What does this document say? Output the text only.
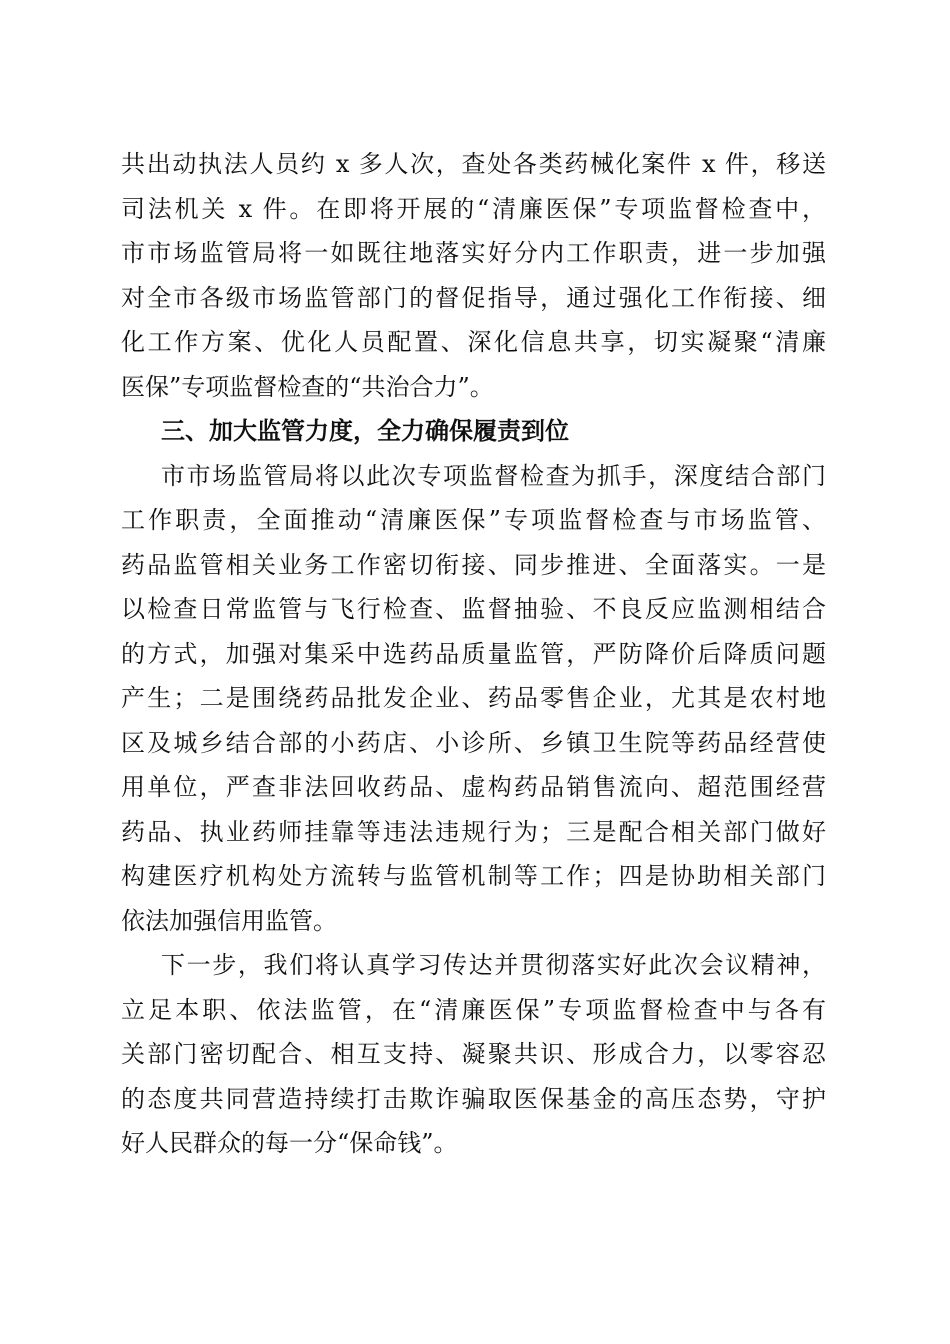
共出动执法人员约 x 多人次，查处各类药械化案件 x 件，移送
司法机关 x 件。在即将开展的“清廉医保”专项监督检查中，
市市场监管局将一如既往地落实好分内工作职责，进一步加强
对全市各级市场监管部门的督促指导，通过强化工作衔接、细
化工作方案、优化人员配置、深化信息共享，切实凝聚“清廉
医保”专项监督检查的“共治合力”。
三、加大监管力度，全力确保履责到位
市市场监管局将以此次专项监督检查为抓手，深度结合部门
工作职责，全面推动“清廉医保”专项监督检查与市场监管、
药品监管相关业务工作密切衔接、同步推进、全面落实。一是
以检查日常监管与飞行检查、监督抽验、不良反应监测相结合
的方式，加强对集采中选药品质量监管，严防降价后降质问题
产生；二是围绕药品批发企业、药品零售企业，尤其是农村地
区及城乡结合部的小药店、小诊所、乡镇卫生院等药品经营使
用单位，严查非法回收药品、虚构药品销售流向、超范围经营
药品、执业药师挂靠等违法违规行为；三是配合相关部门做好
构建医疗机构处方流转与监管机制等工作；四是协助相关部门
依法加强信用监管。
下一步，我们将认真学习传达并贯彻落实好此次会议精神，
立足本职、依法监管，在“清廉医保”专项监督检查中与各有
关部门密切配合、相互支持、凝聚共识、形成合力，以零容忍
的态度共同营造持续打击欺诈骗取医保基金的高压态势，守护
好人民群众的每一分“保命钱”。
